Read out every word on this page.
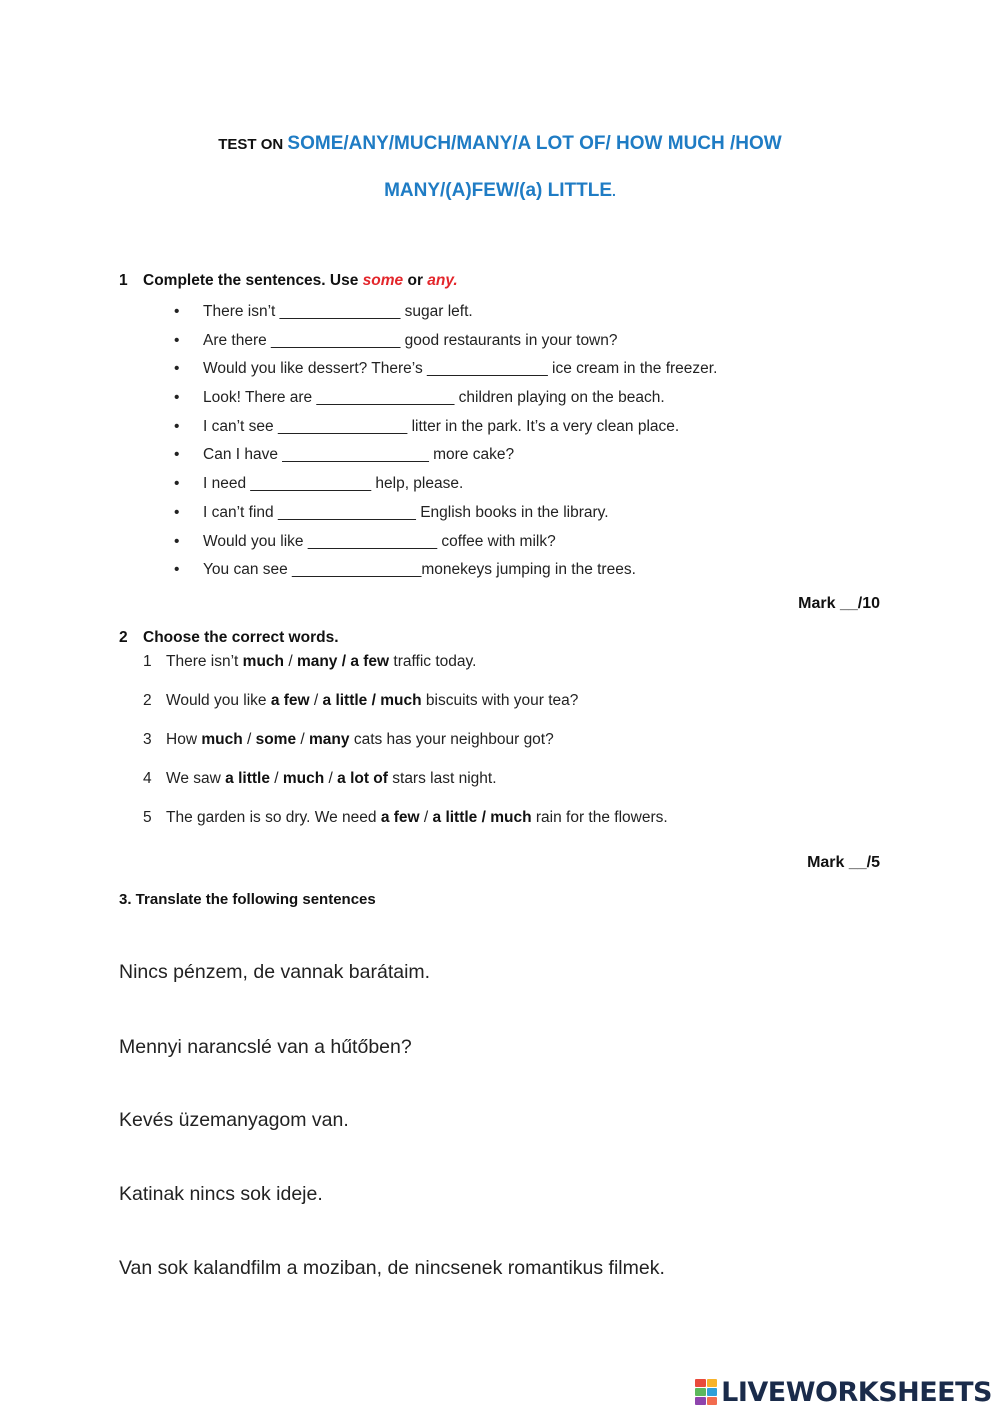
TEST ON SOME/ANY/MUCH/MANY/A LOT OF/ HOW MUCH /HOW
MANY/(A)FEW/(a) LITTLE.
1 Complete the sentences. Use some or any.
• There isn’t ______________ sugar left.
• Are there _______________ good restaurants in your town?
• Would you like dessert? There’s ______________ ice cream in the freezer.
• Look! There are ________________ children playing on the beach.
• I can’t see _______________ litter in the park. It’s a very clean place.
• Can I have _________________ more cake?
• I need ______________ help, please.
• I can’t find ________________ English books in the library.
• Would you like _______________ coffee with milk?
• You can see _______________monekeys jumping in the trees.
Mark __/10
2 Choose the correct words.
1 There isn’t much / many / a few traffic today.
2 Would you like a few / a little / much biscuits with your tea?
3 How much / some / many cats has your neighbour got?
4 We saw a little / much / a lot of stars last night.
5 The garden is so dry. We need a few / a little / much rain for the flowers.
Mark __/5
3. Translate the following sentences
Nincs pénzem, de vannak barátaim.
Mennyi narancslé van a hűtőben?
Kevés üzemanyagom van.
Katinak nincs sok ideje.
Van sok kalandfilm a moziban, de nincsenek romantikus filmek.
LIVEWORKSHEETS
